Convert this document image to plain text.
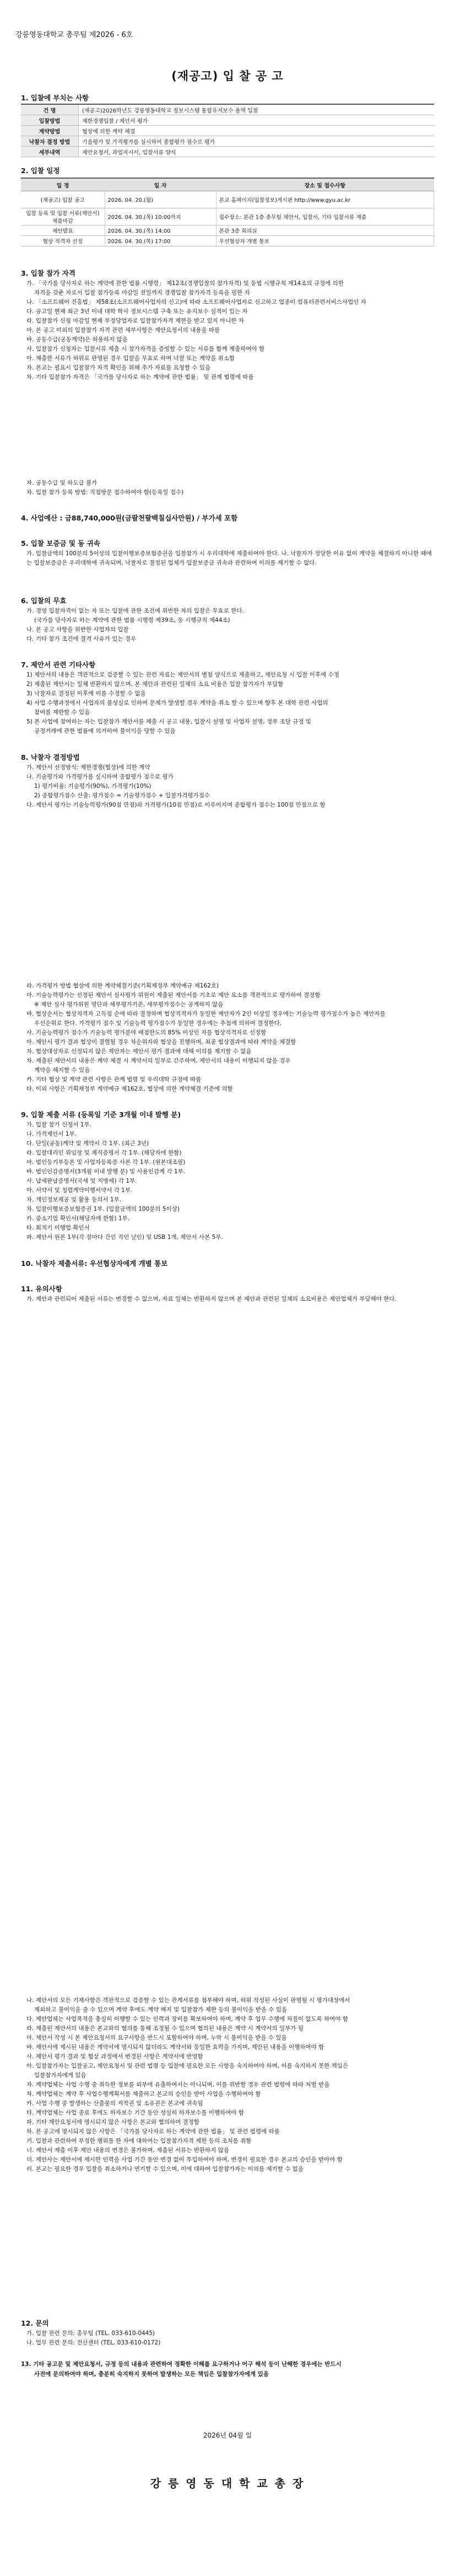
강릉영동대학교 총무팀 제2026 - 6호
(재공고) 입 찰 공 고
1. 입찰에 부치는 사항
건 명	(재공고)2026학년도 강릉영동대학교 정보시스템 통합유지보수 용역 입찰
입찰방법	제한경쟁입찰 / 제안서 평가
계약방법	협상에 의한 계약 체결
낙찰자 결정 방법	기술평가 및 가격평가를 실시하여 종합평가 점수로 평가
세부내역	제안요청서, 과업지시서, 입찰서류 양식
2. 입찰 일정
일 정	일 자	장소 및 접수사항
(재공고) 입찰 공고	2026. 04. 20.(월)	본교 홈페이지(입찰정보)게시판 http://www.gyu.ac.kr
입찰 등록 및 입찰 서류(제안서) 제출마감	2026. 04. 30.(목) 10:00까지	접수장소: 본관 1층 총무팀 제안서, 입찰서, 기타 입찰서류 제출
제안발표	2026. 04. 30.(목) 14:00	본관 3층 회의실
협상 적격자 선정	2026. 04. 30.(목) 17:00	우선협상자 개별 통보
3. 입찰 참가 자격
가. 「국가를 당사자로 하는 계약에 관한 법률 시행령」 제12조(경쟁입찰의 참가자격) 및 동법 시행규칙 제14조의 규정에 의한
자격을 갖춘 자로서 입찰 참가등록 마감일 전일까지 경쟁입찰 참가자격 등록을 필한 자
나. 「소프트웨어 진흥법」 제58조(소프트웨어사업자의 신고)에 따라 소프트웨어사업자로 신고하고 업종이 컴퓨터관련서비스사업인 자
다. 공고일 현재 최근 3년 이내 대학 학사 정보시스템 구축 또는 유지보수 실적이 있는 자
라. 입찰참가 신청 마감일 현재 부정당업자로 입찰참가자격 제한을 받고 있지 아니한 자
마. 본 공고 이외의 입찰참가 자격 관련 세부사항은 제안요청서의 내용을 따름
바. 공동수급(공동계약)은 허용하지 않음
사. 입찰참가 신청자는 입찰서류 제출 시 참가자격을 증빙할 수 있는 서류를 함께 제출하여야 함
아. 제출한 서류가 허위로 판명된 경우 입찰을 무효로 하며 낙찰 또는 계약을 취소함
자. 본교는 필요시 입찰참가 자격 확인을 위해 추가 자료를 요청할 수 있음
차. 기타 입찰참가 자격은 「국가를 당사자로 하는 계약에 관한 법률」 및 관계 법령에 따름
자. 공동수급 및 하도급 불가
차. 입찰 참가 등록 방법: 직접방문 접수하여야 함(등록일 접수)
4. 사업예산 : 금88,740,000원(금팔천팔백칠십사만원) / 부가세 포함
5. 입찰 보증금 및 동 귀속
가. 입찰금액의 100분의 5이상의 입찰이행보증보험증권을 입찰참가 시 우리대학에 제출하여야 한다. 나. 낙찰자가 정당한 이유 없이 계약을 체결하지 아니한 때에는 입찰보증금은 우리대학에 귀속되며, 낙찰자로 결정된 업체가 입찰보증금 귀속과 관련하여 이의를 제기할 수 없다.
6. 입찰의 무효
가. 경영 입찰자격이 없는 자 또는 입찰에 관한 조건에 위반한 자의 입찰은 무효로 한다.
(국가를 당사자로 하는 계약에 관한 법률 시행령 제39조, 동 시행규칙 제44조)
나. 본 공고 사항을 위반한 사업자의 입찰
다. 기타 참가 조건에 결격 사유가 있는 경우
7. 제안서 관련 기타사항
1) 제안서의 내용은 객관적으로 검증할 수 있는 관련 자료는 제안서의 별첨 양식으로 제출하고, 제안요청 시 입찰 이후에 수정
2) 제출된 제안서는 일체 반환하지 않으며, 본 제안과 관련된 일체의 소요 비용은 입찰 참가자가 부담함
3) 낙찰자로 결정된 이후에 이를 수정할 수 없음
4) 사업 수행과정에서 사업자의 불성실로 인하여 문제가 발생할 경우 계약을 취소 할 수 있으며 향후 본 대학 관련 사업의
참여를 제한할 수 있음
5) 본 사업에 참여하는 자는 입찰참가 제안서를 제출 시 공고 내용, 입찰시 설명 및 사업자 설명, 정부 조달 규정 및
공정거래에 관한 법률에 의거하여 불이익을 당할 수 있음
8. 낙찰자 결정방법
가. 제안서 선정방식: 제한경쟁(협상)에 의한 계약
나. 기술평가와 가격평가를 실시하여 종합평가 점수로 평가
1) 평가비율: 기술평가(90%), 가격평가(10%)
2) 종합평가점수 산출: 평가점수 = 기술평가점수 + 입찰가격평가점수
다. 제안서 평가는 기술능력평가(90점 만점)와 가격평가(10점 만점)로 이루어지며 종합평가 점수는 100점 만점으로 함
라. 가격평가 방법 협상에 의한 계약체결기준(기획재정부 계약예규 제162호)
마. 기술능력평가는 선정된 제안서 심사평가 위원이 제출된 제안서를 기초로 제안 요소를 객관적으로 평가하여 결정함
※ 제안 심사 평가위원 명단과 세부평가기준, 세부평가점수는 공개하지 않음
바. 협상순서는 협상적격자 고득점 순에 따라 결정하며 협상적격자가 동일한 제안자가 2인 이상일 경우에는 기술능력 평가점수가 높은 제안자를
우선순위로 한다. 가격평가 점수 및 기술능력 평가점수가 동일한 경우에는 추첨에 의하여 결정한다.
사. 기술능력평가 점수가 기술능력 평가분야 배점한도의 85% 이상인 자를 협상적격자로 선정함
아. 제안서 평가 결과 협상이 결렬될 경우 차순위자와 협상을 진행하며, 최종 협상결과에 따라 계약을 체결함
자. 협상대상자로 선정되지 않은 제안자는 제안서 평가 결과에 대해 이의를 제기할 수 없음
차. 제출된 제안서의 내용은 계약 체결 시 계약서의 일부로 간주하며, 제안서의 내용이 이행되지 않을 경우
계약을 해지할 수 있음
카. 기타 협상 및 계약 관련 사항은 관계 법령 및 우리대학 규정에 따름
타. 이외 사항은 기획재정부 계약예규 제162호, 협상에 의한 계약체결 기준에 의함
9. 입찰 제출 서류 (등록일 기준 3개월 이내 발행 분)
가. 입찰 참가 신청서 1부.
나. 가격제안서 1부.
다. 단일(공동)계약 및 계약서 각 1부. (최근 3년)
라. 입찰대리인 위임장 및 재직증명서 각 1부. (해당자에 한함)
마. 법인등기부등본 및 사업자등록증 사본 각 1부. (원본대조필)
바. 법인인감증명서(3개월 이내 발행 분) 및 사용인감계 각 1부.
사. 납세완납증명서(국세 및 지방세) 각 1부.
아. 서약서 및 청렴계약이행서약서 각 1부.
자. 개인정보제공 및 활용 동의서 1부.
차. 입찰이행보증보험증권 1부. (입찰금액의 100분의 5이상)
카. 중소기업 확인서(해당자에 한함) 1부.
타. 회적기 이행업 확인서
파. 제안서 원본 1부(각 장마다 간인 직인 날인) 및 USB 1개, 제안서 사본 5부.
10. 낙찰자 제출서류: 우선협상자에게 개별 통보
11. 유의사항
가. 제안과 관련되어 제출된 서류는 변경할 수 없으며, 자료 일체는 반환하지 않으며 본 제안과 관련된 일체의 소요비용은 제안업체가 부담해야 한다.
나. 제안서의 모든 기재사항은 객관적으로 검증할 수 있는 관계서류를 첨부해야 하며, 허위 작성된 사실이 판명될 시 평가대상에서
제외하고 불이익을 줄 수 있으며 계약 후에도 계약 해지 및 입찰참가 제한 등의 불이익을 받을 수 있음
다. 제안업체는 사업목적을 충실히 이행할 수 있는 인력과 장비를 확보하여야 하며, 계약 후 업무 수행에 차질이 없도록 하여야 함
라. 제출된 제안서의 내용은 본교와의 협의를 통해 조정될 수 있으며 협의된 내용은 계약 시 계약서의 일부가 됨
마. 제안서 작성 시 본 제안요청서의 요구사항을 반드시 포함하여야 하며, 누락 시 불이익을 받을 수 있음
바. 제안서에 제시된 내용은 계약서에 명시되지 않더라도 계약서와 동일한 효력을 가지며, 제안된 내용을 이행하여야 함
사. 제안서 평가 결과 및 협상 과정에서 변경된 사항은 계약서에 반영함
아. 입찰참가자는 입찰공고, 제안요청서 및 관련 법령 등 입찰에 필요한 모든 사항을 숙지하여야 하며, 이를 숙지하지 못한 책임은
입찰참가자에게 있음
자. 계약업체는 사업 수행 중 취득한 정보를 외부에 유출하여서는 아니되며, 이를 위반할 경우 관련 법령에 따라 처벌 받음
차. 계약업체는 계약 후 사업수행계획서를 제출하고 본교의 승인을 받아 사업을 수행하여야 함
카. 사업 수행 중 발생하는 산출물의 저작권 및 소유권은 본교에 귀속됨
타. 계약업체는 사업 종료 후에도 하자보수 기간 동안 성실히 하자보수를 이행하여야 함
파. 기타 제안요청서에 명시되지 않은 사항은 본교와 협의하여 결정함
하. 본 공고에 명시되지 않은 사항은 「국가를 당사자로 하는 계약에 관한 법률」 및 관련 법령에 따름
거. 입찰과 관련하여 부정한 행위를 한 자에 대하여는 입찰참가자격 제한 등의 조치를 취함
너. 제안서 제출 이후 제안 내용의 변경은 불가하며, 제출된 서류는 반환하지 않음
더. 제안사는 제안서에 제시한 인력을 사업 기간 동안 변경 없이 투입하여야 하며, 변경이 필요한 경우 본교의 승인을 받아야 함
러. 본교는 필요한 경우 입찰을 취소하거나 연기할 수 있으며, 이에 대하여 입찰참가자는 이의를 제기할 수 없음
12. 문의
가. 입찰 관련 문의: 총무팀 (TEL. 033-610-0445)
나. 업무 관련 문의: 전산센터 (TEL. 033-610-0172)
13. 기타 공고문 및 제안요청서, 규정 등의 내용과 관련하여 정확한 이해를 요구하거나 어구 해석 등이 난해한 경우에는 반드시
사전에 문의하여야 하며, 충분히 숙지하지 못하여 발생하는 모든 책임은 입찰참가자에게 있음
2026년 04월 일
강 릉 영 동 대 학 교 총 장
